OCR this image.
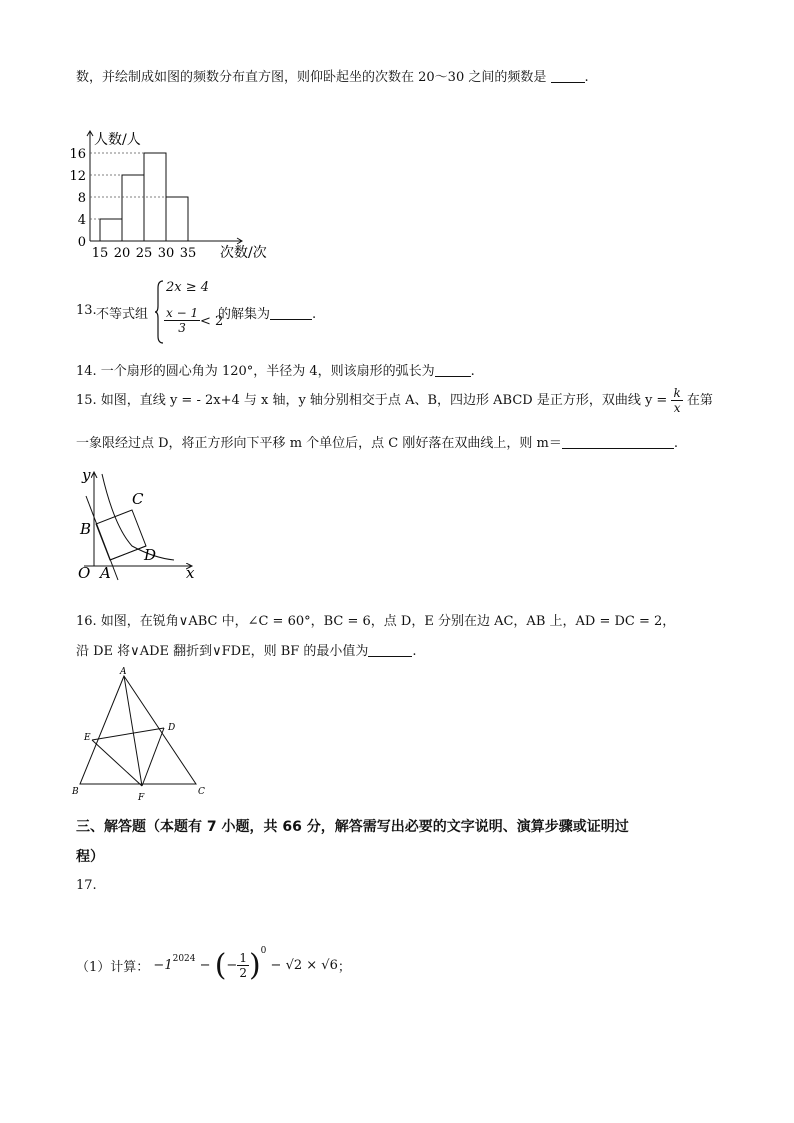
数，并绘制成如图的频数分布直方图，则仰卧起坐的次数在 20～30 之间的频数是	.
0
4
8
12
16
15 20 25 30 35
人数/人
次数/次
13. 不等式组
2x ≥ 4
$\frac{x - 1}{3} < 2$
的解集为	.
14. 一个扇形的圆心角为 120°，半径为 4，则该扇形的弧长为	.
15. 如图，直线 y = - 2x+4 与 x 轴，y 轴分别相交于点 A、B，四边形 ABCD 是正方形，双曲线 $y = \frac{k}{x}$ 在第
一象限经过点 D，将正方形向下平移 m 个单位后，点 C 刚好落在双曲线上，则 m＝	.
y
x
O A
B
C
D
16. 如图，在锐角∨ABC 中，∠C = 60°，BC = 6，点 D，E 分别在边 AC，AB 上，AD = DC = 2，
沿 DE 将∨ADE 翻折到∨FDE，则 BF 的最小值为	.
A
B	C
D
E
F
三、解答题（本题有 7 小题，共 66 分，解答需写出必要的文字说明、演算步骤或证明过
程）
17.
（1）计算： $-1^{2024}$ − (− $\frac{1}{2} )^0 - √2 \times √6$；
